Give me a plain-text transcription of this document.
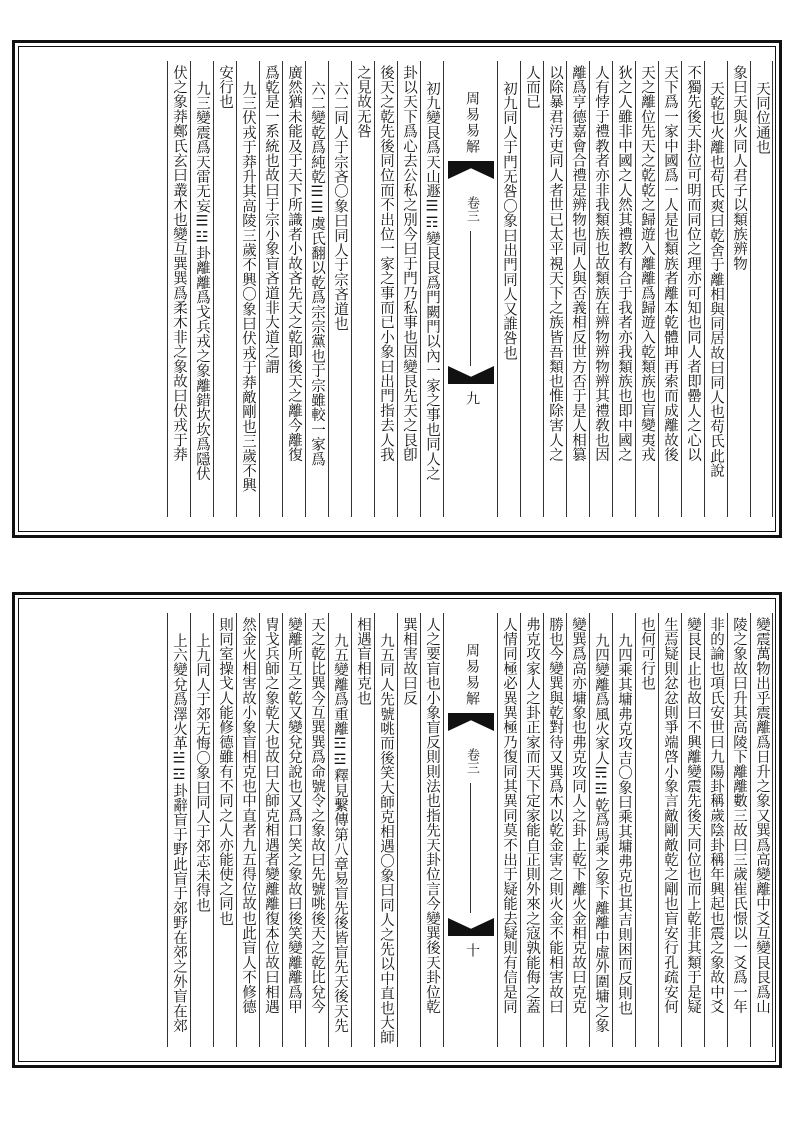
天同位通也
象曰天與火同人君子以類族辨物
天乾也火離也苟氏爽曰乾舍于離相與同居故曰同人也苟氏此說
不獨先後天卦位可明而同位之理亦可知也同人者即罍人之心以
天下爲一家中國爲一人是也類族者離本乾體坤再索而成離故後
天之離位先天之乾乾之歸遊入離離爲歸遊入乾類族也盲變夷戎
狄之人雖非中國之人然其禮教有合于我者亦我類族也即中國之
人有悖于禮教者亦非我類族也故類族在辨物辨物辨其禮敎也因
離爲亨德嘉會合禮是辨物也同人與否義相反世方否于是人相篡
以除暴君汚吏同人者世已太平視天下之族皆吾類也惟除害人之
人而已
初九同人于門无咎〇象曰出門同人又誰咎也
周易易解
卷三
九
初九變艮爲天山遯☰☶變艮艮爲門闕門以內一家之事也同人之
卦以天下爲心去公私之別今曰于門乃私事也因變艮先天之艮卽
後天之乾先後同位而不出位一家之事而已小象曰出門指去人我
之見故无咎
六二同人于宗吝〇象曰同人于宗吝道也
六二變乾爲純乾☰☰虞氏翻以乾爲宗宗黨也于宗雖較一家爲
廣然猶未能及于天下所識者小故吝先天之乾即後天之離今離復
爲乾是一系統也故曰于宗小象盲吝道非大道之謂
九三伏戎于莽升其高陵三歲不興〇象曰伏戎于莽敵剛也三歲不興
安行也
九三變震爲天雷无妄☰☳卦離離爲戈兵戎之象離錯坎坎爲隱伏
伏之象莽鄭氏玄曰叢木也變互巽巽爲柔木非之象故曰伏戎于莽
變震萬物出乎震離爲日升之象又巽爲高變離中爻互變艮艮爲山
陵之象故曰升其高陵下離離數三故曰三歲崔氏憬以一爻爲一年
非的論也項氏安世曰九陽卦稱歲陰卦稱年興起也震之象故中爻
變艮艮止也故曰不興離變震先後天同位也而上乾非其類于是疑
生焉疑則忿忿則爭端啓小象言敵剛敵乾之剛也盲安行孔疏安何
也何可行也
九四乘其墉弗克攻吉〇象曰乘其墉弗克也其吉則困而反則也
九四變離爲風火家人☴☲乾爲馬乘之象下離離中虛外圍墉之象
變巽爲高亦墉象也弗克攻同人之卦上乾下離火金相克故曰克克
勝也今變巽與乾對待又巽爲木以乾金害之則火金不能相害故曰
弗克攻家人之卦正家而天下定家能自正則外來之寇孰能侮之蓋
人情同極必異異極乃復同其異同莫不出于疑能去疑則有信是同
周易易解
卷三
十
人之要盲也小象盲反則則法也指先天卦位言今變巽後天卦位乾
巽相害故曰反
九五同人先號咷而後笑大師克相遇〇象曰同人之先以中直也大師
相遇盲相克也
九五變離爲重離☲☲釋見繫傳第八章易盲先後皆盲先天後天先
天之乾比巽今互巽巽爲命號令之象故曰先號咷後天之乾比兌今
變離所互之乾又變兌兌說也又爲口笑之象故曰後笑變離離爲甲
冑戈兵師之象乾大也故曰大師克相遇者變離離復本位故曰相遇
然金火相害故小象盲相克也中直者九五得位故也此盲人不修德
則同室操戈人能修德雖有不同之人亦能使之同也
上九同人于郊无悔〇象曰同人于郊志未得也
上六變兌爲澤火革☱☲卦辭盲于野此盲于郊野在郊之外盲在郊
